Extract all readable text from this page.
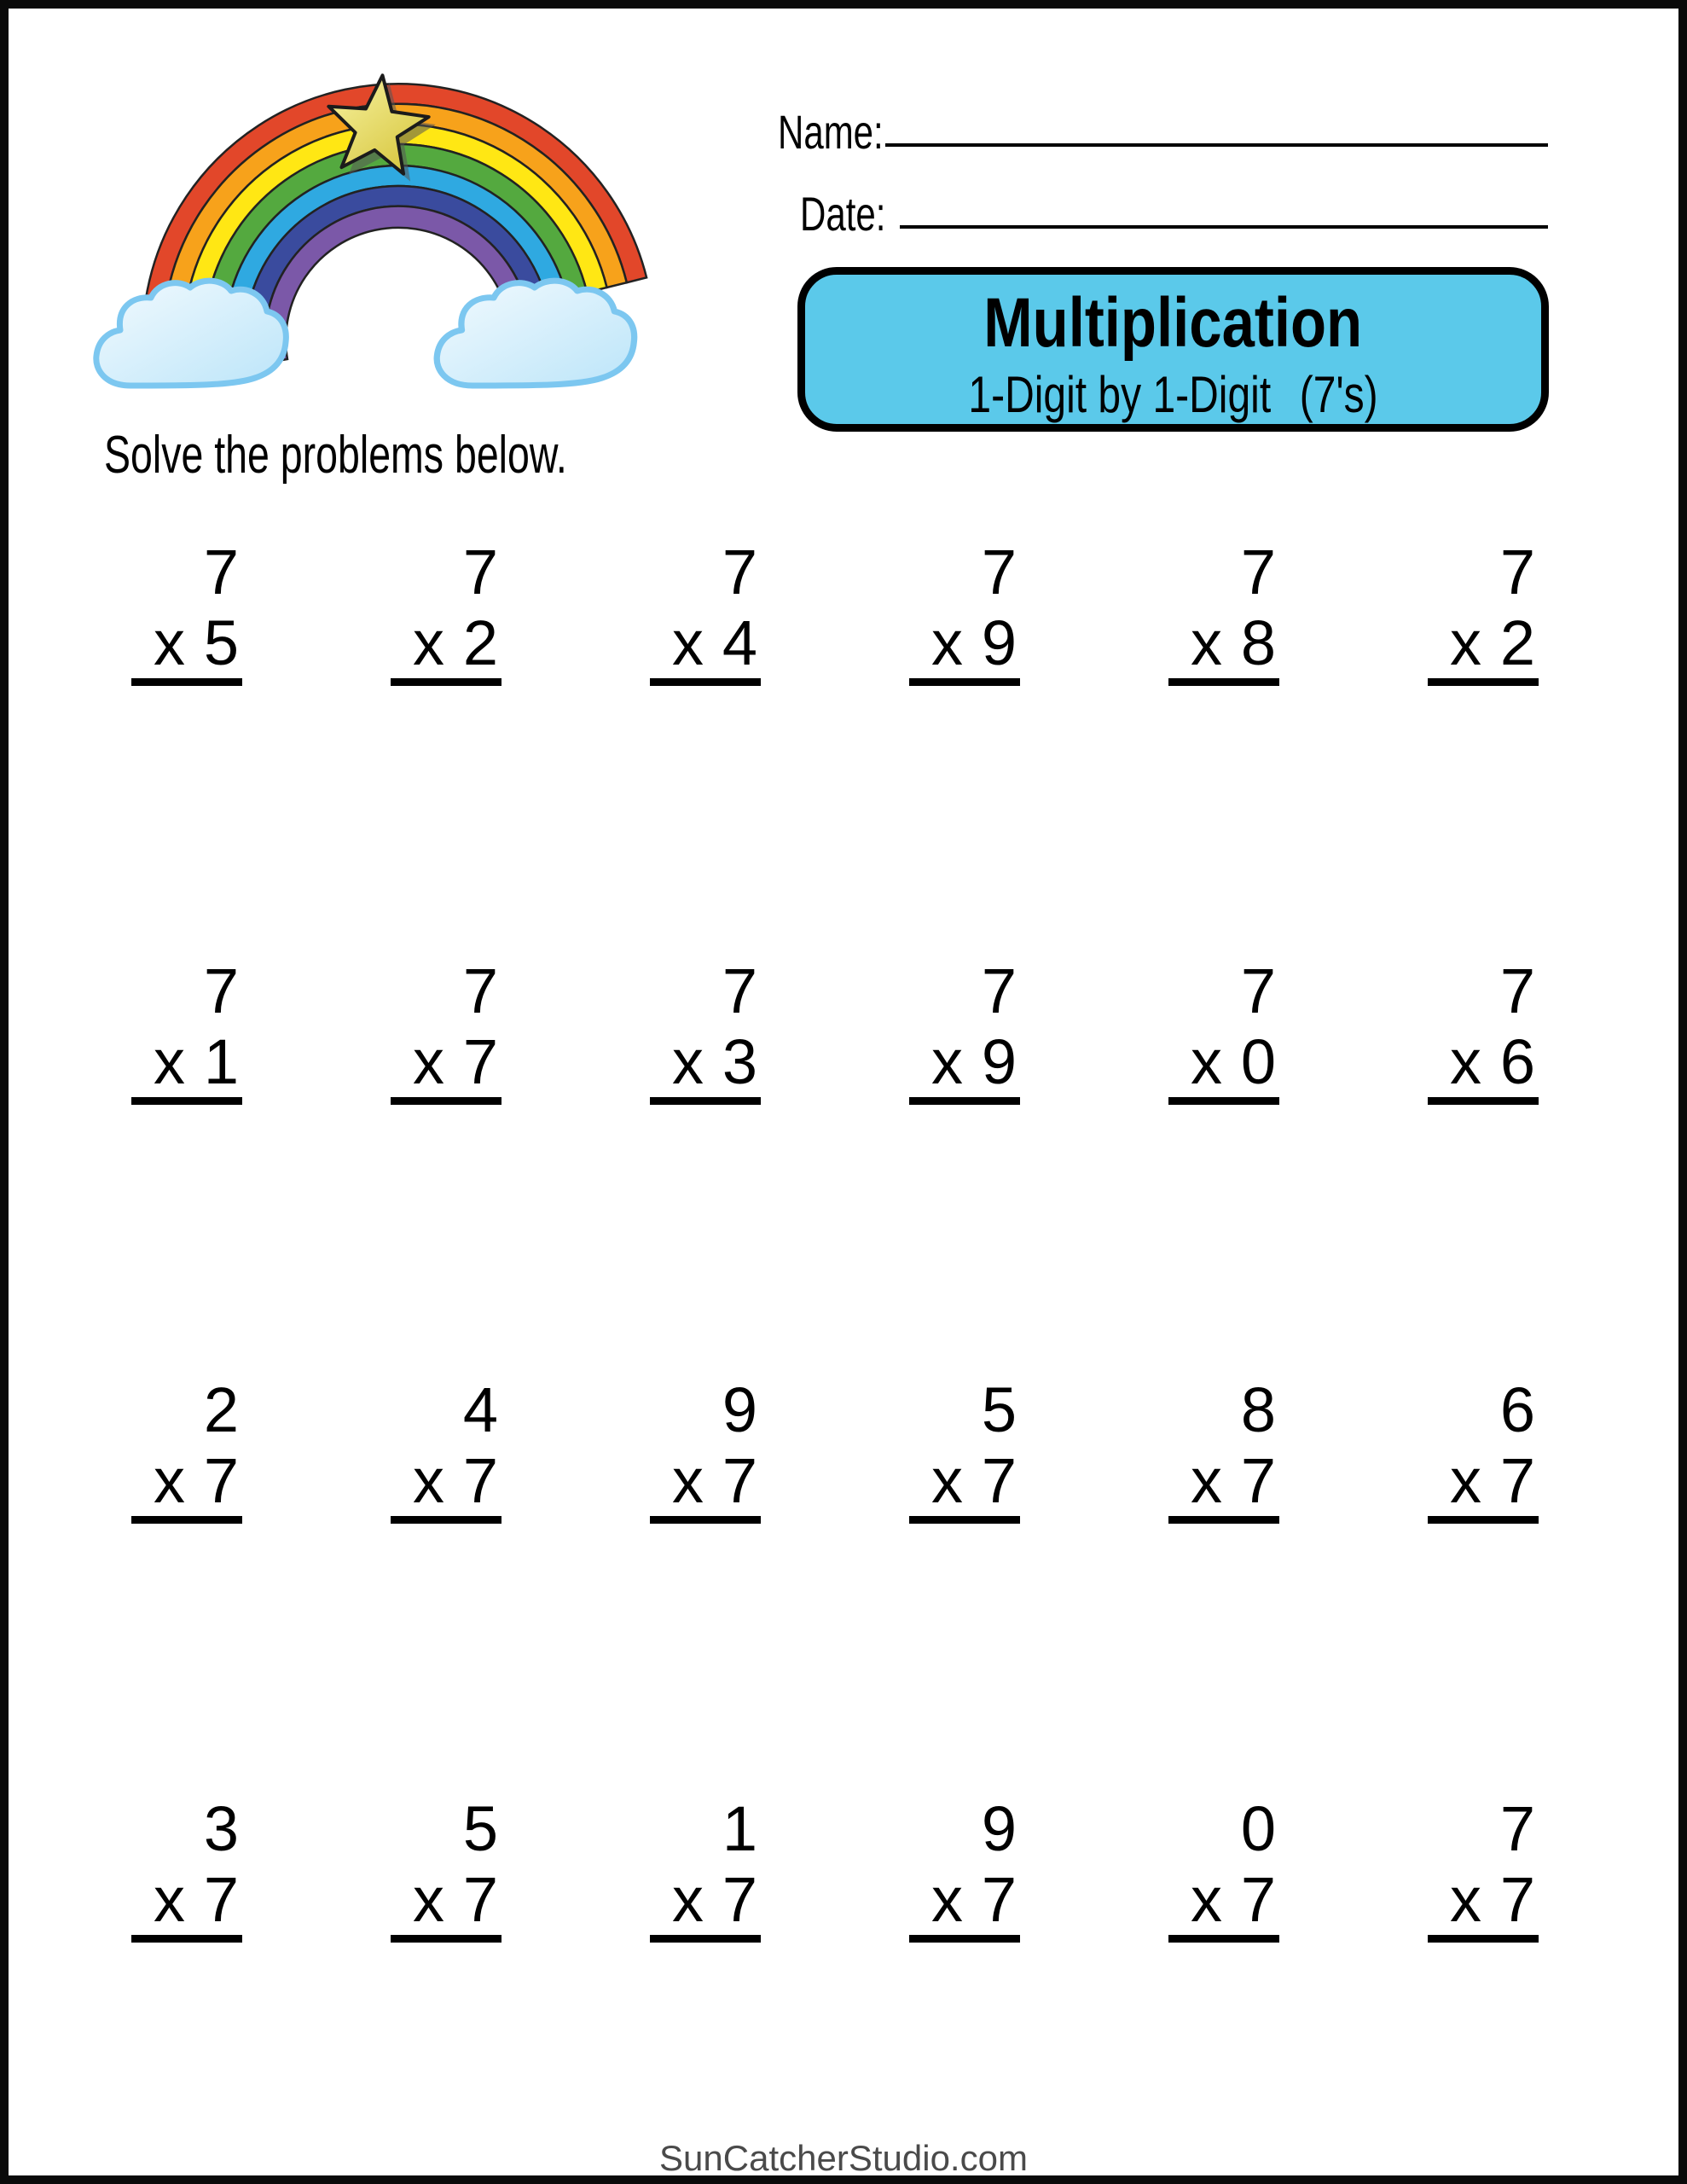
Solve the problems below.
Name:
Date:
Multiplication
1-Digit by 1-Digit (7's)
7
x 5
7
x 2
7
x 4
7
x 9
7
x 8
7
x 2
7
x 1
7
x 7
7
x 3
7
x 9
7
x 0
7
x 6
2
x 7
4
x 7
9
x 7
5
x 7
8
x 7
6
x 7
3
x 7
5
x 7
1
x 7
9
x 7
0
x 7
7
x 7
SunCatcherStudio.com
